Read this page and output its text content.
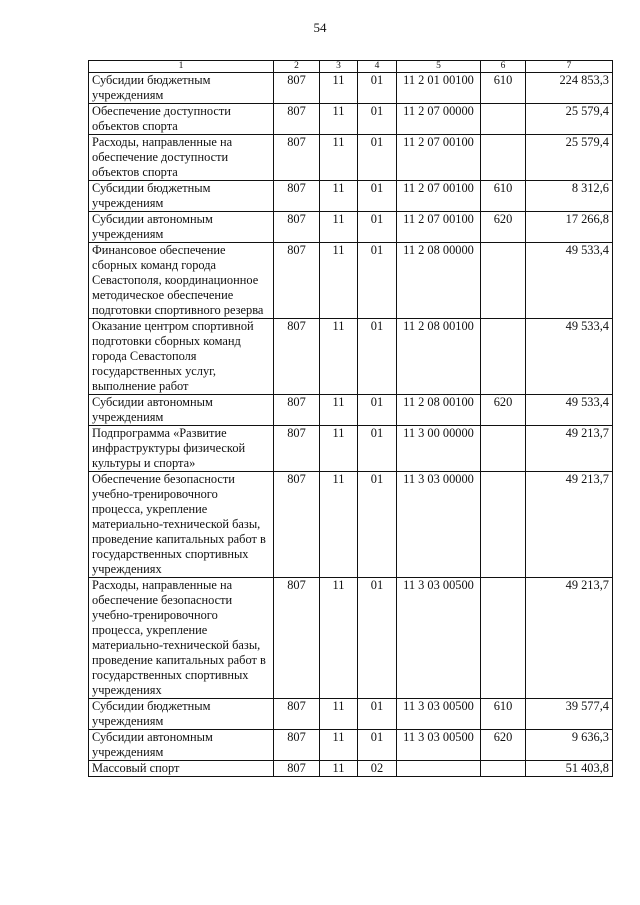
54
1	2	3	4	5	6	7
Субсидии бюджетным учреждениям	807	11	01	11 2 01 00100	610	224 853,3
Обеспечение доступности объектов спорта	807	11	01	11 2 07 00000		25 579,4
Расходы, направленные на обеспечение доступности объектов спорта	807	11	01	11 2 07 00100		25 579,4
Субсидии бюджетным учреждениям	807	11	01	11 2 07 00100	610	8 312,6
Субсидии автономным учреждениям	807	11	01	11 2 07 00100	620	17 266,8
Финансовое обеспечение сборных команд города Севастополя, координационное методическое обеспечение подготовки спортивного резерва	807	11	01	11 2 08 00000		49 533,4
Оказание центром спортивной подготовки сборных команд города Севастополя государственных услуг, выполнение работ	807	11	01	11 2 08 00100		49 533,4
Субсидии автономным учреждениям	807	11	01	11 2 08 00100	620	49 533,4
Подпрограмма «Развитие инфраструктуры физической культуры и спорта»	807	11	01	11 3 00 00000		49 213,7
Обеспечение безопасности учебно-тренировочного процесса, укрепление материально-технической базы, проведение капитальных работ в государственных спортивных учреждениях	807	11	01	11 3 03 00000		49 213,7
Расходы, направленные на обеспечение безопасности учебно-тренировочного процесса, укрепление материально-технической базы, проведение капитальных работ в государственных спортивных учреждениях	807	11	01	11 3 03 00500		49 213,7
Субсидии бюджетным учреждениям	807	11	01	11 3 03 00500	610	39 577,4
Субсидии автономным учреждениям	807	11	01	11 3 03 00500	620	9 636,3
Массовый спорт	807	11	02			51 403,8
